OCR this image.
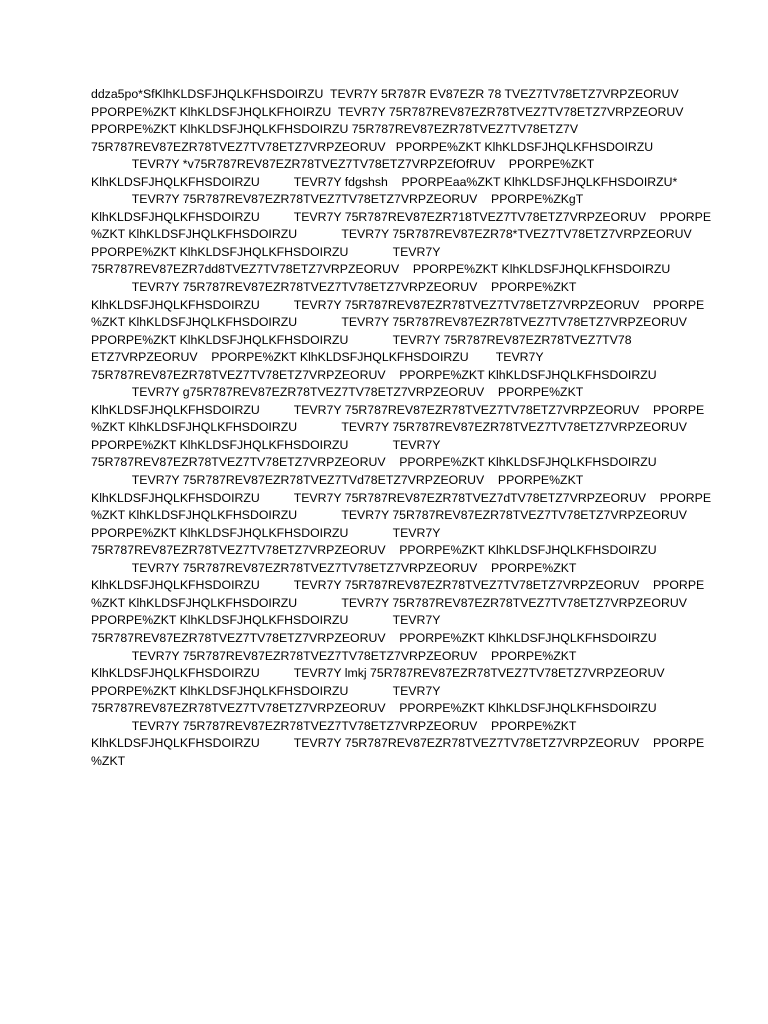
ddza5po*SfKlhKLDSFJHQLKFHSDOIRZU  TEVR7Y 5R787R EV87EZR 78 TVEZ7TV78ETZ7VRPZEORUV
PPORPE%ZKT KlhKLDSFJHQLKFHOIRZU  TEVR7Y 75R787REV87EZR78TVEZ7TV78ETZ7VRPZEORUV
PPORPE%ZKT KlhKLDSFJHQLKFHSDOIRZU 75R787REV87EZR78TVEZ7TV78ETZ7V
75R787REV87EZR78TVEZ7TV78ETZ7VRPZEORUV   PPORPE%ZKT KlhKLDSFJHQLKFHSDOIRZU
TEVR7Y *v75R787REV87EZR78TVEZ7TV78ETZ7VRPZEfOfRUV    PPORPE%ZKT
KlhKLDSFJHQLKFHSDOIRZU          TEVR7Y fdgshsh    PPORPEaa%ZKT KlhKLDSFJHQLKFHSDOIRZU*
TEVR7Y 75R787REV87EZR78TVEZ7TV78ETZ7VRPZEORUV    PPORPE%ZKgT
KlhKLDSFJHQLKFHSDOIRZU          TEVR7Y 75R787REV87EZR718TVEZ7TV78ETZ7VRPZEORUV    PPORPE
%ZKT KlhKLDSFJHQLKFHSDOIRZU             TEVR7Y 75R787REV87EZR78*TVEZ7TV78ETZ7VRPZEORUV
PPORPE%ZKT KlhKLDSFJHQLKFHSDOIRZU             TEVR7Y
75R787REV87EZR7dd8TVEZ7TV78ETZ7VRPZEORUV    PPORPE%ZKT KlhKLDSFJHQLKFHSDOIRZU
TEVR7Y 75R787REV87EZR78TVEZ7TV78ETZ7VRPZEORUV    PPORPE%ZKT
KlhKLDSFJHQLKFHSDOIRZU          TEVR7Y 75R787REV87EZR78TVEZ7TV78ETZ7VRPZEORUV    PPORPE
%ZKT KlhKLDSFJHQLKFHSDOIRZU             TEVR7Y 75R787REV87EZR78TVEZ7TV78ETZ7VRPZEORUV
PPORPE%ZKT KlhKLDSFJHQLKFHSDOIRZU             TEVR7Y 75R787REV87EZR78TVEZ7TV78
ETZ7VRPZEORUV    PPORPE%ZKT KlhKLDSFJHQLKFHSDOIRZU        TEVR7Y
75R787REV87EZR78TVEZ7TV78ETZ7VRPZEORUV    PPORPE%ZKT KlhKLDSFJHQLKFHSDOIRZU
TEVR7Y g75R787REV87EZR78TVEZ7TV78ETZ7VRPZEORUV    PPORPE%ZKT
KlhKLDSFJHQLKFHSDOIRZU          TEVR7Y 75R787REV87EZR78TVEZ7TV78ETZ7VRPZEORUV    PPORPE
%ZKT KlhKLDSFJHQLKFHSDOIRZU             TEVR7Y 75R787REV87EZR78TVEZ7TV78ETZ7VRPZEORUV
PPORPE%ZKT KlhKLDSFJHQLKFHSDOIRZU             TEVR7Y
75R787REV87EZR78TVEZ7TV78ETZ7VRPZEORUV    PPORPE%ZKT KlhKLDSFJHQLKFHSDOIRZU
TEVR7Y 75R787REV87EZR78TVEZ7TVd78ETZ7VRPZEORUV    PPORPE%ZKT
KlhKLDSFJHQLKFHSDOIRZU          TEVR7Y 75R787REV87EZR78TVEZ7dTV78ETZ7VRPZEORUV    PPORPE
%ZKT KlhKLDSFJHQLKFHSDOIRZU             TEVR7Y 75R787REV87EZR78TVEZ7TV78ETZ7VRPZEORUV
PPORPE%ZKT KlhKLDSFJHQLKFHSDOIRZU             TEVR7Y
75R787REV87EZR78TVEZ7TV78ETZ7VRPZEORUV    PPORPE%ZKT KlhKLDSFJHQLKFHSDOIRZU
TEVR7Y 75R787REV87EZR78TVEZ7TV78ETZ7VRPZEORUV    PPORPE%ZKT
KlhKLDSFJHQLKFHSDOIRZU          TEVR7Y 75R787REV87EZR78TVEZ7TV78ETZ7VRPZEORUV    PPORPE
%ZKT KlhKLDSFJHQLKFHSDOIRZU             TEVR7Y 75R787REV87EZR78TVEZ7TV78ETZ7VRPZEORUV
PPORPE%ZKT KlhKLDSFJHQLKFHSDOIRZU             TEVR7Y
75R787REV87EZR78TVEZ7TV78ETZ7VRPZEORUV    PPORPE%ZKT KlhKLDSFJHQLKFHSDOIRZU
TEVR7Y 75R787REV87EZR78TVEZ7TV78ETZ7VRPZEORUV    PPORPE%ZKT
KlhKLDSFJHQLKFHSDOIRZU          TEVR7Y lmkj 75R787REV87EZR78TVEZ7TV78ETZ7VRPZEORUV
PPORPE%ZKT KlhKLDSFJHQLKFHSDOIRZU             TEVR7Y
75R787REV87EZR78TVEZ7TV78ETZ7VRPZEORUV    PPORPE%ZKT KlhKLDSFJHQLKFHSDOIRZU
TEVR7Y 75R787REV87EZR78TVEZ7TV78ETZ7VRPZEORUV    PPORPE%ZKT
KlhKLDSFJHQLKFHSDOIRZU          TEVR7Y 75R787REV87EZR78TVEZ7TV78ETZ7VRPZEORUV    PPORPE
%ZKT
